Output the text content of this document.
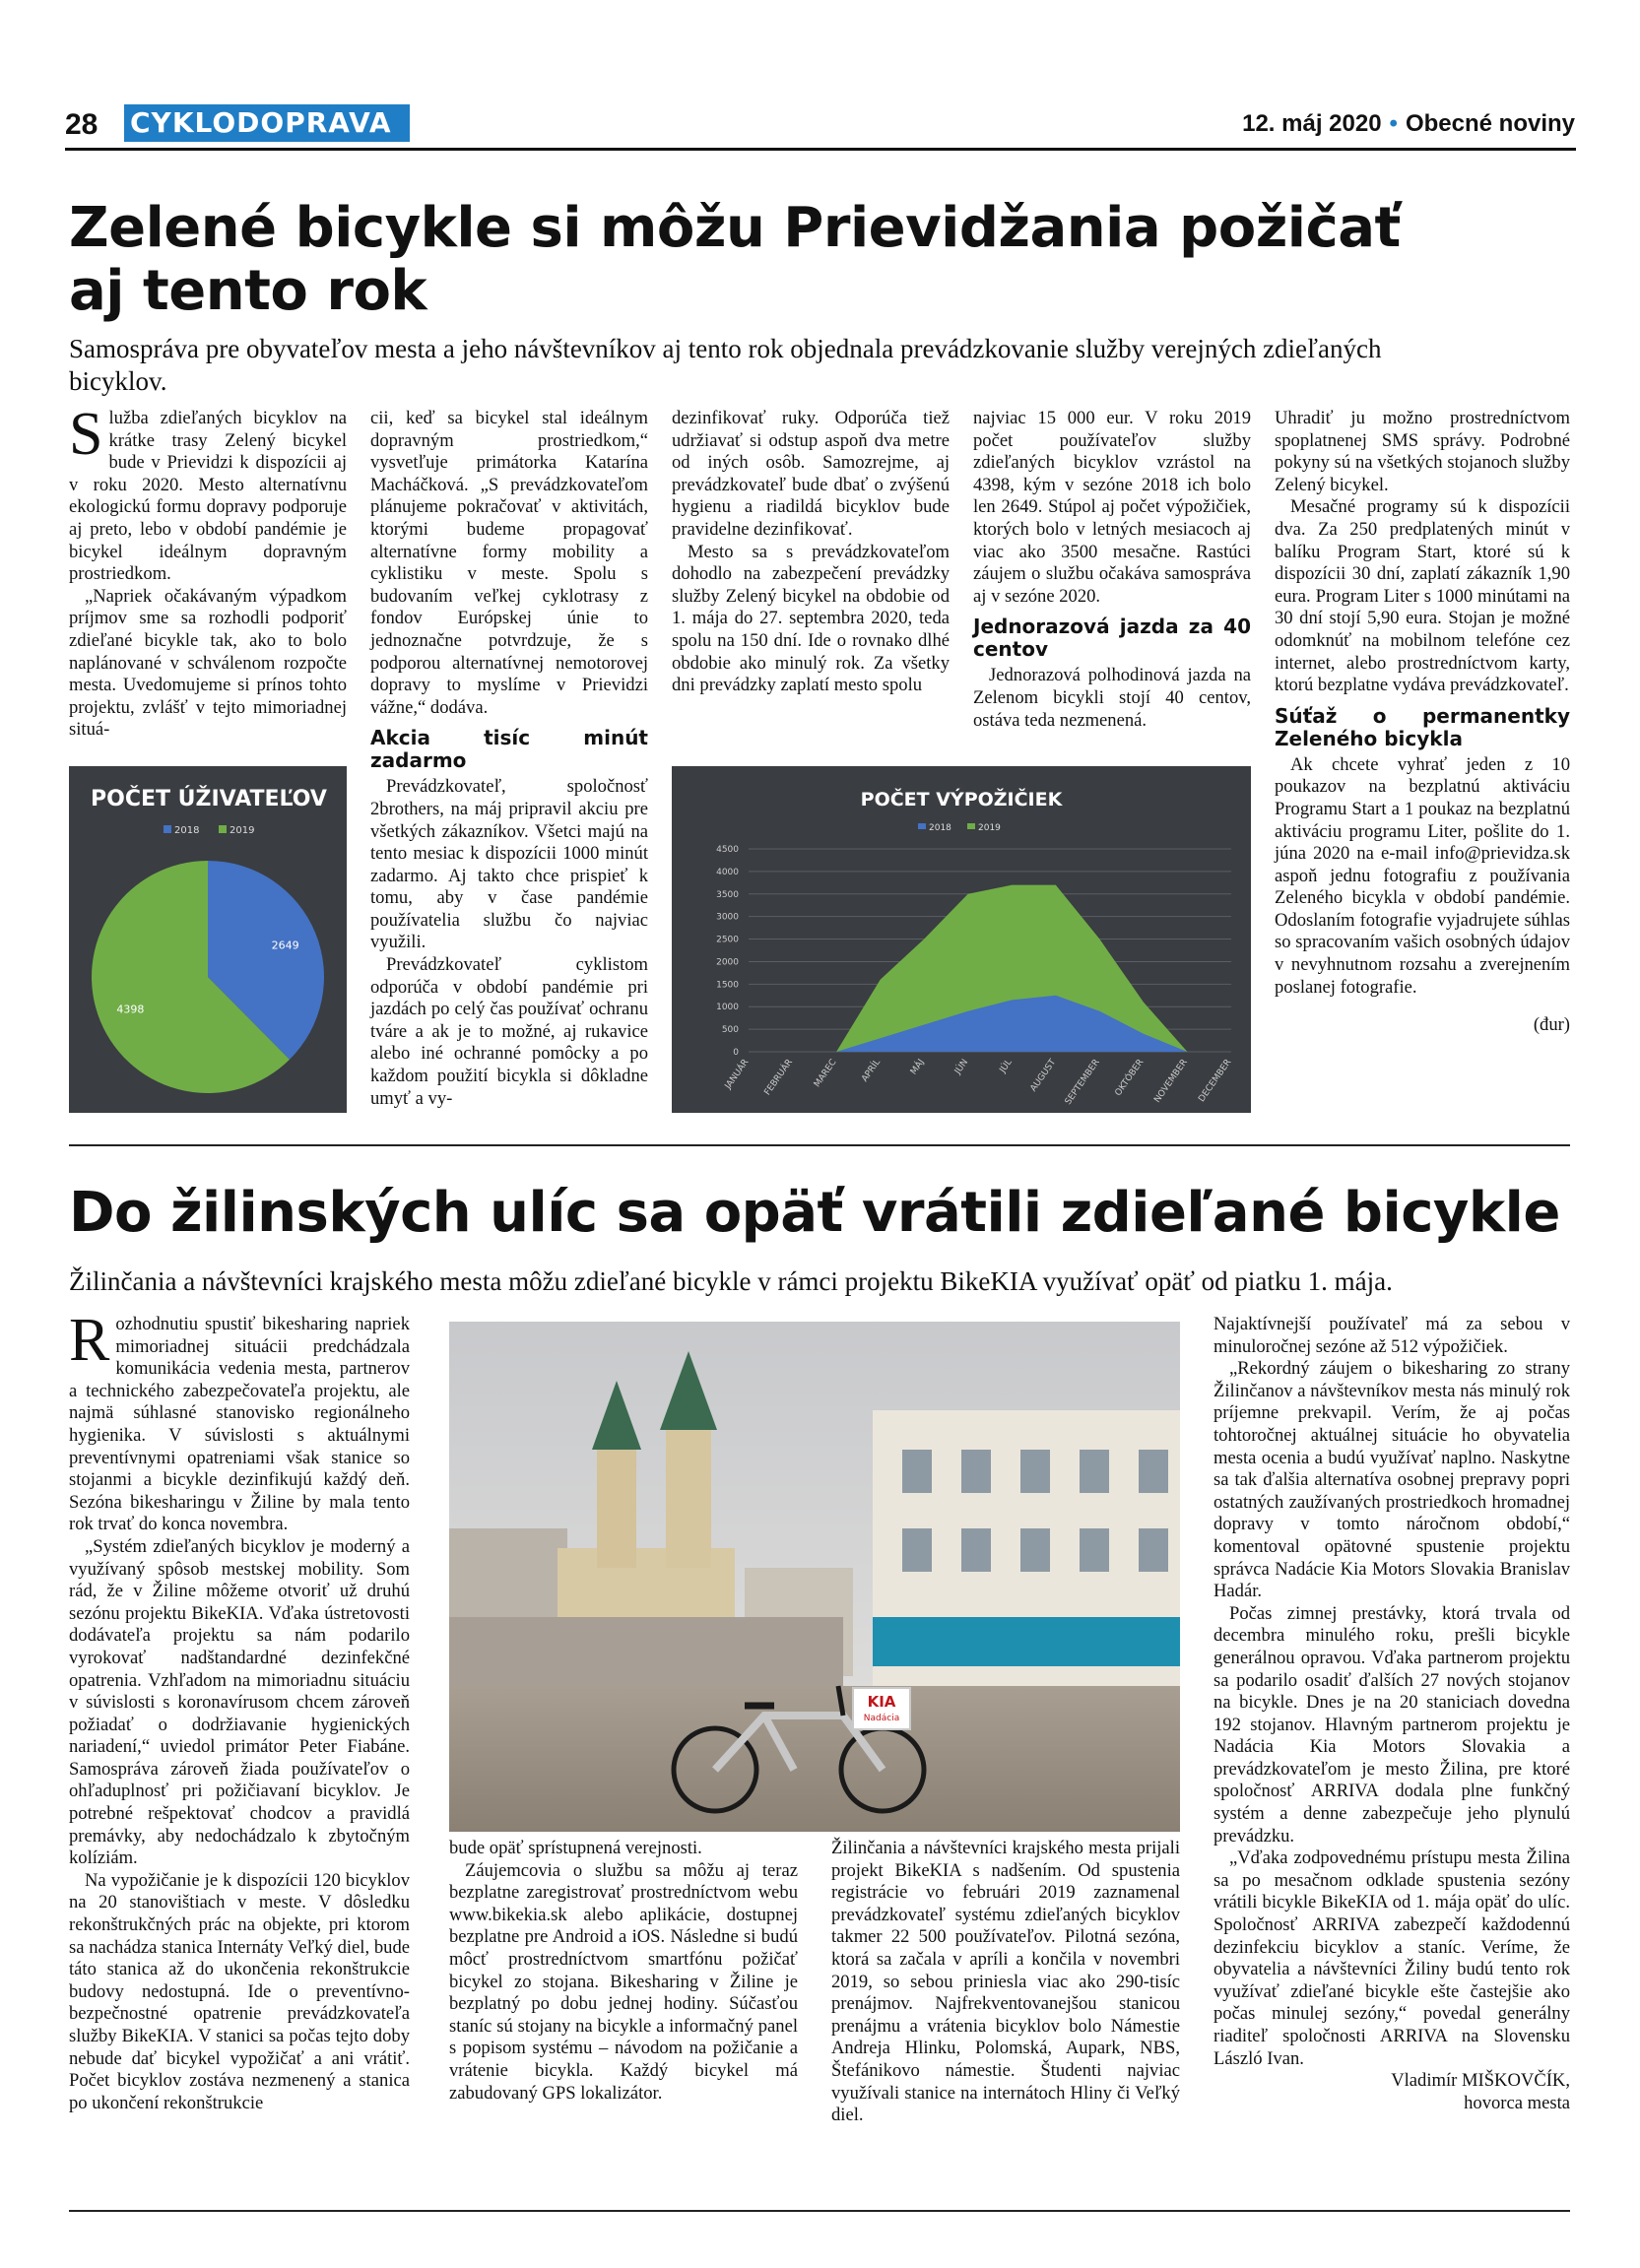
28 CYKLODOPRAVA	12. máj 2020 • Obecné noviny
Zelené bicykle si môžu Prievidžania požičať
aj tento rok
Samospráva pre obyvateľov mesta a jeho návštevníkov aj tento rok objednala prevádzkovanie služby verejných zdieľaných
bicyklov.
S lužba zdieľaných bicyklov na krátke trasy Zelený bicykel bude v Prievidzi k dispozícii aj v roku 2020. Mesto alternatívnu ekologickú formu dopravy podporuje aj preto, lebo v období pandémie je bicykel ideálnym dopravným prostriedkom.

„Napriek očakávaným výpadkom príjmov sme sa rozhodli podporiť zdieľané bicykle tak, ako to bolo naplánované v schválenom rozpočte mesta. Uvedomujeme si prínos tohto projektu, zvlášť v tejto mimoriadnej situá-

cii, keď sa bicykel stal ideálnym dopravným prostriedkom,“ vysvetľuje primátorka Katarína Macháčková. „S prevádzkovateľom plánujeme pokračovať v aktivitách, ktorými budeme propagovať alternatívne formy mobility a cyklistiku v meste. Spolu s budovaním veľkej cyklotrasy z fondov Európskej únie to jednoznačne potvrdzuje, že s podporou alternatívnej nemotorovej dopravy to myslíme v Prievidzi vážne,“ dodáva.

Akcia tisíc minút zadarmo

Prevádzkovateľ, spoločnosť 2brothers, na máj pripravil akciu pre všetkých zákazníkov. Všetci majú na tento mesiac k dispozícii 1000 minút zadarmo. Aj takto chce prispieť k tomu, aby v čase pandémie používatelia službu čo najviac využili.

Prevádzkovateľ cyklistom odporúča v období pandémie pri jazdách po celý čas používať ochranu tváre a ak je to možné, aj rukavice alebo iné ochranné pomôcky a po každom použití bicykla si dôkladne umyť a vy-

dezinfikovať ruky. Odporúča tiež udržiavať si odstup aspoň dva metre od iných osôb. Samozrejme, aj prevádzkovateľ bude dbať o zvýšenú hygienu a riadildá bicyklov bude pravidelne dezinfikovať.

Mesto sa s prevádzkovateľom dohodlo na zabezpečení prevádzky služby Zelený bicykel na obdobie od 1. mája do 27. septembra 2020, teda spolu na 150 dní. Ide o rovnako dlhé obdobie ako minulý rok. Za všetky dni prevádzky zaplatí mesto spolu

najviac 15 000 eur. V roku 2019 počet používateľov služby zdieľaných bicyklov vzrástol na 4398, kým v sezóne 2018 ich bolo len 2649. Stúpol aj počet výpožičiek, ktorých bolo v letných mesiacoch aj viac ako 3500 mesačne. Rastúci záujem o službu očakáva samospráva aj v sezóne 2020.

Jednorazová jazda za 40 centov

Jednorazová polhodinová jazda na Zelenom bicykli stojí 40 centov, ostáva teda nezmenená.

Uhradiť ju možno prostredníctvom spoplatnenej SMS správy. Podrobné pokyny sú na všetkých stojanoch služby Zelený bicykel.

Mesačné programy sú k dispozícii dva. Za 250 predplatených minút v balíku Program Start, ktoré sú k dispozícii 30 dní, zaplatí zákazník 1,90 eura. Program Liter s 1000 minútami na 30 dní stojí 5,90 eura. Stojan je možné odomknúť na mobilnom telefóne cez internet, alebo prostredníctvom karty, ktorú bezplatne vydáva prevádzkovateľ.

Súťaž o permanentky Zeleného bicykla

Ak chcete vyhrať jeden z 10 poukazov na bezplatnú aktiváciu Programu Start a 1 poukaz na bezplatnú aktiváciu programu Liter, pošlite do 1. júna 2020 na e-mail info@prievidza.sk aspoň jednu fotografiu z používania Zeleného bicykla v období pandémie. Odoslaním fotografie vyjadrujete súhlas so spracovaním vašich osobných údajov v nevyhnutnom rozsahu a zverejnením poslanej fotografie.

(đur)
POČET ÚŽIVATEĽOV
2018	2019
2649
4398
POČET VÝPOŽIČIEK
2018	2019
0
500
1000
1500
2000
2500
3000
3500
4000
4500
JANUÁR FEBRUÁR MAREC APRÍL	MÁJ	JÚN	JÚL AUGUST SEPTEMBER OKTÓBER NOVEMBER DECEMBER
Do žilinských ulíc sa opäť vrátili zdieľané bicykle
Žilinčania a návštevníci krajského mesta môžu zdieľané bicykle v rámci projektu BikeKIA využívať opäť od piatku 1. mája.
R ozhodnutiu spustiť bikesharing napriek mimoriadnej situácii predchádzala komunikácia vedenia mesta, partnerov a technického zabezpečovateľa projektu, ale najmä súhlasné stanovisko regionálneho hygienika. V súvislosti s aktuálnymi preventívnymi opatreniami však stanice so stojanmi a bicykle dezinfikujú každý deň. Sezóna bikesharingu v Žiline by mala tento rok trvať do konca novembra.

„Systém zdieľaných bicyklov je moderný a využívaný spôsob mestskej mobility. Som rád, že v Žiline môžeme otvoriť už druhú sezónu projektu BikeKIA. Vďaka ústretovosti dodávateľa projektu sa nám podarilo vyrokovať nadštandardné dezinfekčné opatrenia. Vzhľadom na mimoriadnu situáciu v súvislosti s koronavírusom chcem zároveň požiadať o dodržiavanie hygienických nariadení,“ uviedol primátor Peter Fiabáne. Samospráva zároveň žiada používateľov o ohľaduplnosť pri požičiavaní bicyklov. Je potrebné rešpektovať chodcov a pravidlá premávky, aby nedochádzalo k zbytočným kolíziám.

Na vypožičanie je k dispozícii 120 bicyklov na 20 stanovištiach v meste. V dôsledku rekonštrukčných prác na objekte, pri ktorom sa nachádza stanica Internáty Veľký diel, bude táto stanica až do ukončenia rekonštrukcie budovy nedostupná. Ide o preventívno-bezpečnostné opatrenie prevádzkovateľa služby BikeKIA. V stanici sa počas tejto doby nebude dať bicykel vypožičať a ani vrátiť. Počet bicyklov zostáva nezmenený a stanica po ukončení rekonštrukcie

KIA
Nadácia

bude opäť sprístupnená verejnosti.

Záujemcovia o službu sa môžu aj teraz bezplatne zaregistrovať prostredníctvom webu www.bikekia.sk alebo aplikácie, dostupnej bezplatne pre Android a iOS. Následne si budú môcť prostredníctvom smartfónu požičať bicykel zo stojana. Bikesharing v Žiline je bezplatný po dobu jednej hodiny. Súčasťou staníc sú stojany na bicykle a informačný panel s popisom systému – návodom na požičanie a vrátenie bicykla. Každý bicykel má zabudovaný GPS lokalizátor.

Žilinčania a návštevníci krajského mesta prijali projekt BikeKIA s nadšením. Od spustenia registrácie vo februári 2019 zaznamenal prevádzkovateľ systému zdieľaných bicyklov takmer 22 500 používateľov. Pilotná sezóna, ktorá sa začala v apríli a končila v novembri 2019, so sebou priniesla viac ako 290-tisíc prenájmov. Najfrekventovanejšou stanicou prenájmu a vrátenia bicyklov bolo Námestie Andreja Hlinku, Polomská, Aupark, NBS, Štefánikovo námestie. Študenti najviac využívali stanice na internátoch Hliny či Veľký diel.

Najaktívnejší používateľ má za sebou v minuloročnej sezóne až 512 výpožičiek.

„Rekordný záujem o bikesharing zo strany Žilinčanov a návštevníkov mesta nás minulý rok príjemne prekvapil. Verím, že aj počas tohtoročnej aktuálnej situácie ho obyvatelia mesta ocenia a budú využívať naplno. Naskytne sa tak ďalšia alternatíva osobnej prepravy popri ostatných zaužívaných prostriedkoch hromadnej dopravy v tomto náročnom období,“ komentoval opätovné spustenie projektu správca Nadácie Kia Motors Slovakia Branislav Hadár.

Počas zimnej prestávky, ktorá trvala od decembra minulého roku, prešli bicykle generálnou opravou. Vďaka partnerom projektu sa podarilo osadiť ďalších 27 nových stojanov na bicykle. Dnes je na 20 staniciach dovedna 192 stojanov. Hlavným partnerom projektu je Nadácia Kia Motors Slovakia a prevádzkovateľom je mesto Žilina, pre ktoré spoločnosť ARRIVA dodala plne funkčný systém a denne zabezpečuje jeho plynulú prevádzku.

„Vďaka zodpovednému prístupu mesta Žilina sa po mesačnom odklade spustenia sezóny vrátili bicykle BikeKIA od 1. mája opäť do ulíc. Spoločnosť ARRIVA zabezpečí každodennú dezinfekciu bicyklov a staníc. Veríme, že obyvatelia a návštevníci Žiliny budú tento rok využívať zdieľané bicykle ešte častejšie ako počas minulej sezóny,“ povedal generálny riaditeľ spoločnosti ARRIVA na Slovensku László Ivan.

Vladimír MIŠKOVČÍK,
hovorca mesta
